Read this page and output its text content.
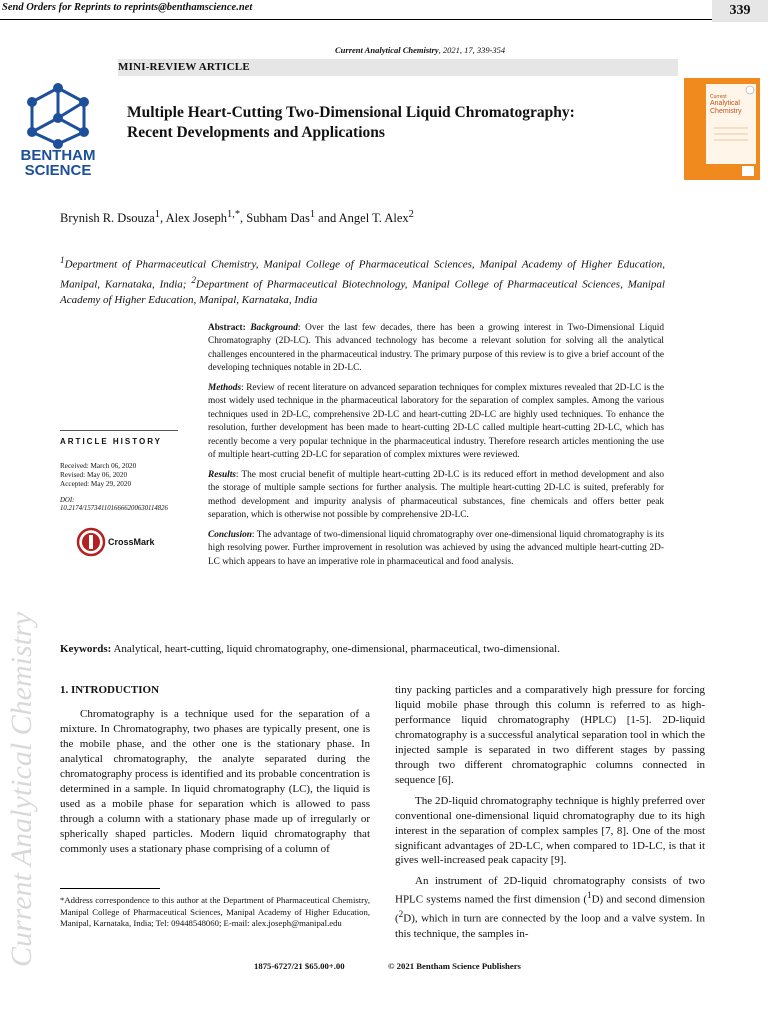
Send Orders for Reprints to reprints@benthamscience.net	339
Current Analytical Chemistry, 2021, 17, 339-354
MINI-REVIEW ARTICLE
BENTHAM
SCIENCE
Multiple Heart-Cutting Two-Dimensional Liquid Chromatography:
Recent Developments and Applications
Current
Analytical
Chemistry
Brynish R. Dsouza$^1$, Alex Joseph$^{1,*}$, Subham Das$^1$ and Angel T. Alex$^2$
$^1$Department of Pharmaceutical Chemistry, Manipal College of Pharmaceutical Sciences, Manipal Academy of Higher Education, Manipal, Karnataka, India; $^2$Department of Pharmaceutical Biotechnology, Manipal College of Pharmaceutical Sciences, Manipal Academy of Higher Education, Manipal, Karnataka, India
Current Analytical Chemistry

Abstract: Background: Over the last few decades, there has been a growing interest in Two-Dimensional Liquid Chromatography (2D-LC). This advanced technology has become a relevant solution for solving all the analytical challenges encountered in the pharmaceutical industry. The primary purpose of this review is to give a brief account of the developing techniques notable in 2D-LC.

Methods: Review of recent literature on advanced separation techniques for complex mixtures revealed that 2D-LC is the most widely used technique in the pharmaceutical laboratory for the separation of complex samples. Among the various techniques used in 2D-LC, comprehensive 2D-LC and heart-cutting 2D-LC are highly used techniques. To enhance the resolution, further development has been made to heart-cutting 2D-LC called multiple heart-cutting 2D-LC, which has recently become a very popular technique in the pharmaceutical industry. Therefore research articles mentioning the use of multiple heart-cutting 2D-LC for separation of complex mixtures were reviewed.

Results: The most crucial benefit of multiple heart-cutting 2D-LC is its reduced effort in method development and also the storage of multiple sample sections for further analysis. The multiple heart-cutting 2D-LC is suited, preferably for method development and impurity analysis of pharmaceutical substances, fine chemicals and offers better peak separation, which is otherwise not possible by comprehensive 2D-LC.

Conclusion: The advantage of two-dimensional liquid chromatography over one-dimensional liquid chromatography is its high resolving power. Further improvement in resolution was achieved by using the advanced multiple heart-cutting 2D-LC which appears to have an imperative role in pharmaceutical and food analysis.

ARTICLE HISTORY
Received: March 06, 2020
Revised: May 06, 2020
Accepted: May 29, 2020
DOI:
10.2174/1573411016666200630114826
CrossMark
Keywords: Analytical, heart-cutting, liquid chromatography, one-dimensional, pharmaceutical, two-dimensional.
1. INTRODUCTION

Chromatography is a technique used for the separation of a mixture. In Chromatography, two phases are typically present, one is the mobile phase, and the other one is the stationary phase. In analytical chromatography, the analyte separated during the chromatography process is identified and its probable concentration is determined in a sample. In liquid chromatography (LC), the liquid is used as a mobile phase for separation which is allowed to pass through a column with a stationary phase made up of irregularly or spherically shaped particles. Modern liquid chromatography that commonly uses a stationary phase comprising of a column of

tiny packing particles and a comparatively high pressure for forcing liquid mobile phase through this column is referred to as high-performance liquid chromatography (HPLC) [1-5]. 2D-liquid chromatography is a successful analytical separation tool in which the injected sample is separated in two different stages by passing through two different chromatographic columns connected in sequence [6].

The 2D-liquid chromatography technique is highly preferred over conventional one-dimensional liquid chromatography due to its high interest in the separation of complex samples [7, 8]. One of the most significant advantages of 2D-LC, when compared to 1D-LC, is that it gives well-increased peak capacity [9].

An instrument of 2D-liquid chromatography consists of two HPLC systems named the first dimension ($^1$D) and second dimension ($^2$D), which in turn are connected by the loop and a valve system. In this technique, the samples in-

*Address correspondence to this author at the Department of Pharmaceutical Chemistry, Manipal College of Pharmaceutical Sciences, Manipal Academy of Higher Education, Manipal, Karnataka, India; Tel: 09448548060; E-mail: alex.joseph@manipal.edu
1875-6727/21 $65.00+.00	© 2021 Bentham Science Publishers
